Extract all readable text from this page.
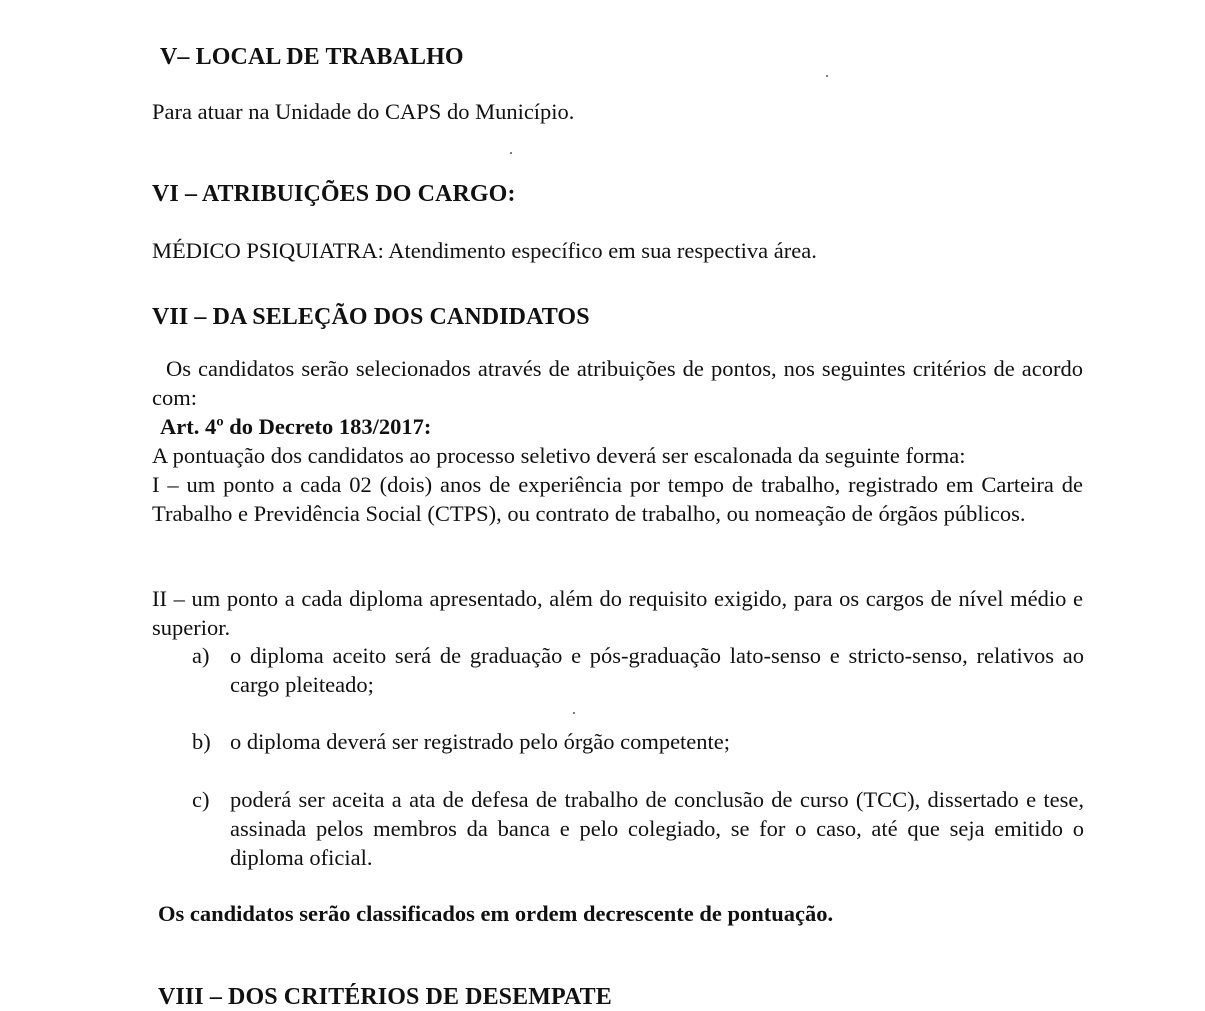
V– LOCAL DE TRABALHO
Para atuar na Unidade do CAPS do Município.
VI – ATRIBUIÇÕES DO CARGO:
MÉDICO PSIQUIATRA: Atendimento específico em sua respectiva área.
VII – DA SELEÇÃO DOS CANDIDATOS
Os candidatos serão selecionados através de atribuições de pontos, nos seguintes critérios de acordo com:
Art. 4º do Decreto 183/2017:
A pontuação dos candidatos ao processo seletivo deverá ser escalonada da seguinte forma:
I – um ponto a cada 02 (dois) anos de experiência por tempo de trabalho, registrado em Carteira de Trabalho e Previdência Social (CTPS), ou contrato de trabalho, ou nomeação de órgãos públicos.
II – um ponto a cada diploma apresentado, além do requisito exigido, para os cargos de nível médio e superior.
a) o diploma aceito será de graduação e pós-graduação lato-senso e stricto-senso, relativos ao cargo pleiteado;
b) o diploma deverá ser registrado pelo órgão competente;
c) poderá ser aceita a ata de defesa de trabalho de conclusão de curso (TCC), dissertado e tese, assinada pelos membros da banca e pelo colegiado, se for o caso, até que seja emitido o diploma oficial.
Os candidatos serão classificados em ordem decrescente de pontuação.
VIII – DOS CRITÉRIOS DE DESEMPATE
